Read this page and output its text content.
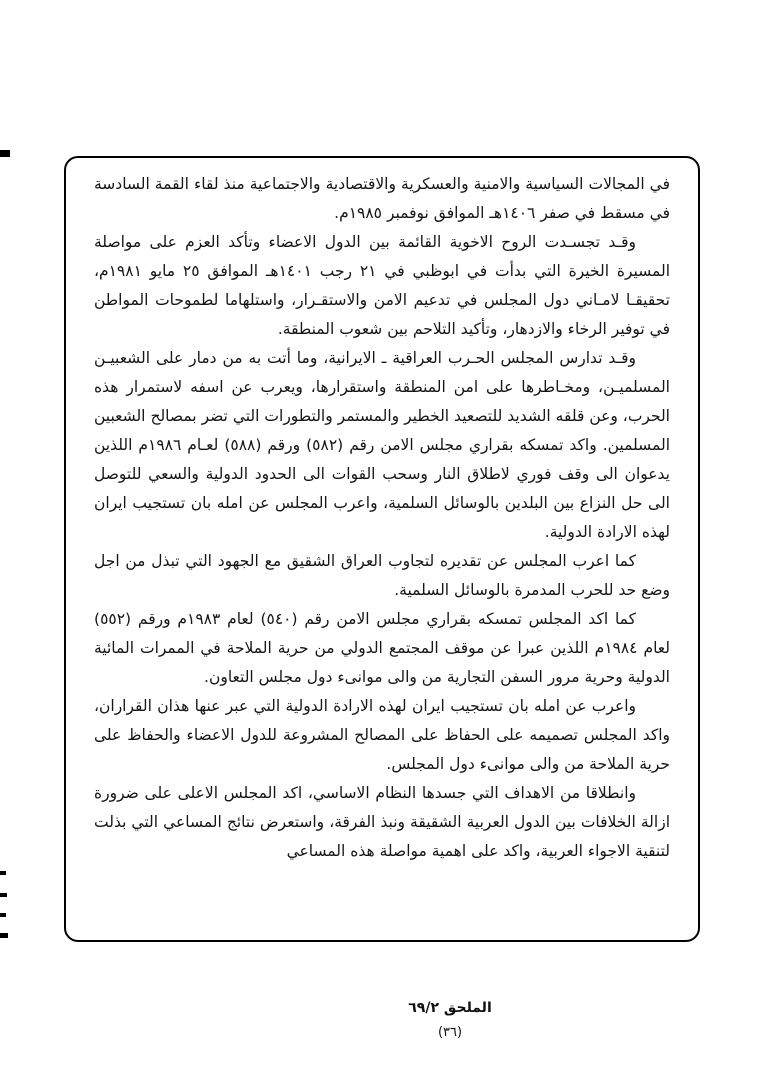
في المجالات السياسية والامنية والعسكرية والاقتصادية والاجتماعية منذ لقاء القمة السادسة في مسقط في صفر ١٤٠٦هـ الموافق نوفمبر ١٩٨٥م.

وقـد تجسـدت الروح الاخوية القائمة بين الدول الاعضاء وتأكد العزم على مواصلة المسيرة الخيرة التي بدأت في ابوظبي في ٢١ رجب ١٤٠١هـ الموافق ٢٥ مايو ١٩٨١م، تحقيقـا لامـاني دول المجلس في تدعيم الامن والاستقـرار، واستلهاما لطموحات المواطن في توفير الرخاء والازدهار، وتأكيد التلاحم بين شعوب المنطقة.

وقـد تدارس المجلس الحـرب العراقية ـ الايرانية، وما أتت به من دمار على الشعبيـن المسلميـن، ومخـاطرها على امن المنطقة واستقرارها، ويعرب عن اسفه لاستمرار هذه الحرب، وعن قلقه الشديد للتصعيد الخطير والمستمر والتطورات التي تضر بمصالح الشعبين المسلمين. واكد تمسكه بقراري مجلس الامن رقم (٥٨٢) ورقم (٥٨٨) لعـام ١٩٨٦م اللذين يدعوان الى وقف فوري لاطلاق النار وسحب القوات الى الحدود الدولية والسعي للتوصل الى حل النزاع بين البلدين بالوسائل السلمية، واعرب المجلس عن امله بان تستجيب ايران لهذه الارادة الدولية.

كما اعرب المجلس عن تقديره لتجاوب العراق الشقيق مع الجهود التي تبذل من اجل وضع حد للحرب المدمرة بالوسائل السلمية.

كما اكد المجلس تمسكه بقراري مجلس الامن رقم (٥٤٠) لعام ١٩٨٣م ورقم (٥٥٢) لعام ١٩٨٤م اللذين عبرا عن موقف المجتمع الدولي من حرية الملاحة في الممرات المائية الدولية وحرية مرور السفن التجارية من والى موانىء دول مجلس التعاون.

واعرب عن امله بان تستجيب ايران لهذه الارادة الدولية التي عبر عنها هذان القراران، واكد المجلس تصميمه على الحفاظ على المصالح المشروعة للدول الاعضاء والحفاظ على حرية الملاحة من والى موانىء دول المجلس.

وانطلاقا من الاهداف التي جسدها النظام الاساسي، اكد المجلس الاعلى على ضرورة ازالة الخلافات بين الدول العربية الشقيقة ونبذ الفرقة، واستعرض نتائج المساعي التي بذلت لتنقية الاجواء العربية، واكد على اهمية مواصلة هذه المساعي

الملحق ٦٩/٢
(٣٦)
